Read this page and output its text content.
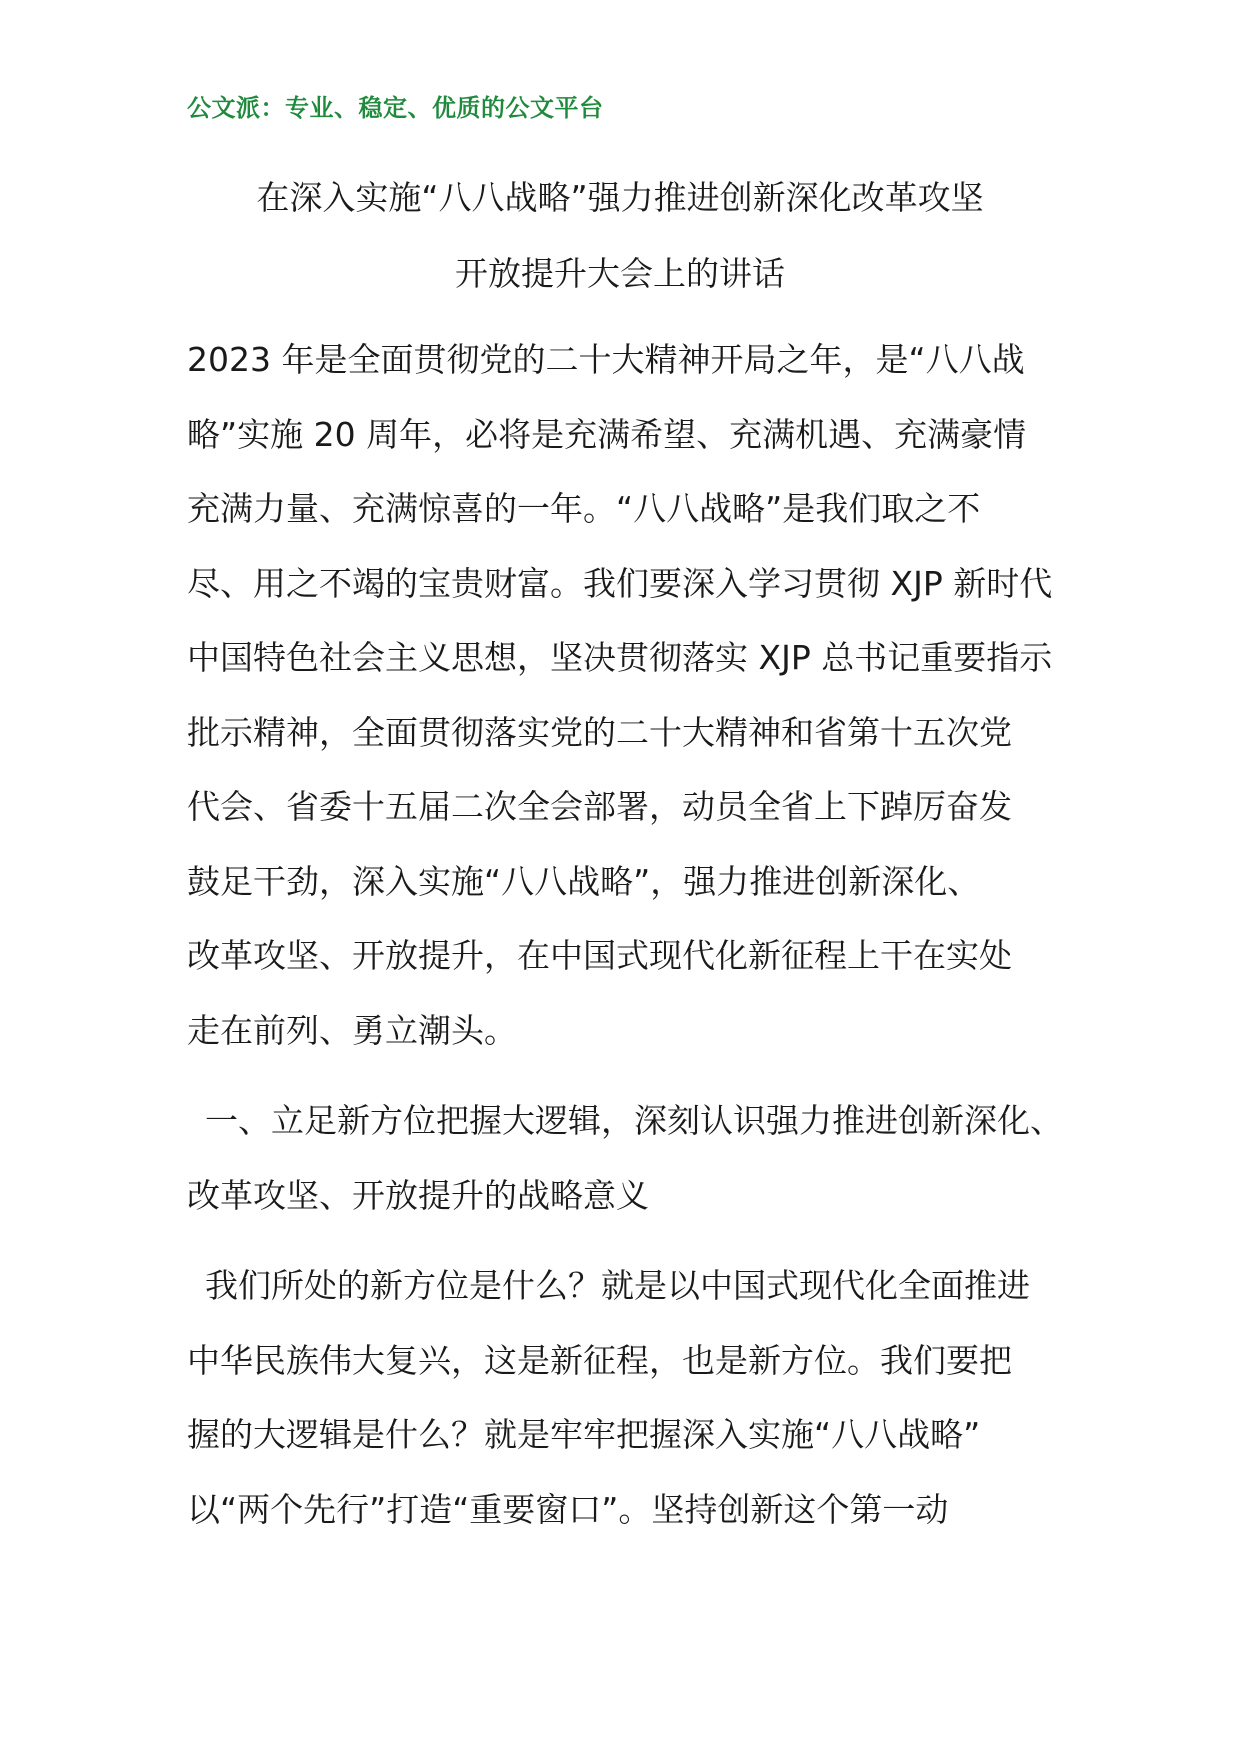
公文派：专业、稳定、优质的公文平台
在深入实施“八八战略”强力推进创新深化改革攻坚
开放提升大会上的讲话
2023 年是全面贯彻党的二十大精神开局之年，是“八八战
略”实施 20 周年，必将是充满希望、充满机遇、充满豪情
充满力量、充满惊喜的一年。“八八战略”是我们取之不
尽、用之不竭的宝贵财富。我们要深入学习贯彻 XJP 新时代
中国特色社会主义思想，坚决贯彻落实 XJP 总书记重要指示
批示精神，全面贯彻落实党的二十大精神和省第十五次党
代会、省委十五届二次全会部署，动员全省上下踔厉奋发
鼓足干劲，深入实施“八八战略”，强力推进创新深化、
改革攻坚、开放提升，在中国式现代化新征程上干在实处
走在前列、勇立潮头。
一、立足新方位把握大逻辑，深刻认识强力推进创新深化、
改革攻坚、开放提升的战略意义
我们所处的新方位是什么？就是以中国式现代化全面推进
中华民族伟大复兴，这是新征程，也是新方位。我们要把
握的大逻辑是什么？就是牢牢把握深入实施“八八战略”
以“两个先行”打造“重要窗口”。坚持创新这个第一动
